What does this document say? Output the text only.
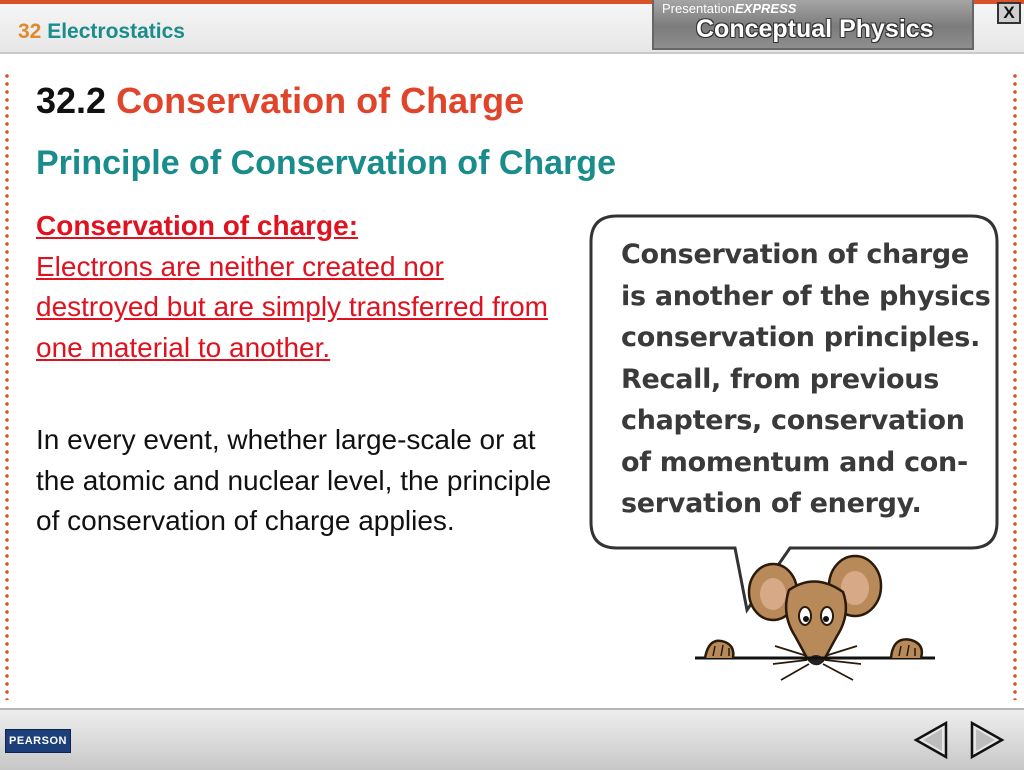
32 Electrostatics
PresentationEXPRESS
Conceptual Physics
X
32.2 Conservation of Charge
Principle of Conservation of Charge
Conservation of charge:
Electrons are neither created nor destroyed but are simply transferred from one material to another.
In every event, whether large-scale or at the atomic and nuclear level, the principle of conservation of charge applies.
Conservation of charge
is another of the physics
conservation principles.
Recall, from previous
chapters, conservation
of momentum and con-
servation of energy.
PEARSON
